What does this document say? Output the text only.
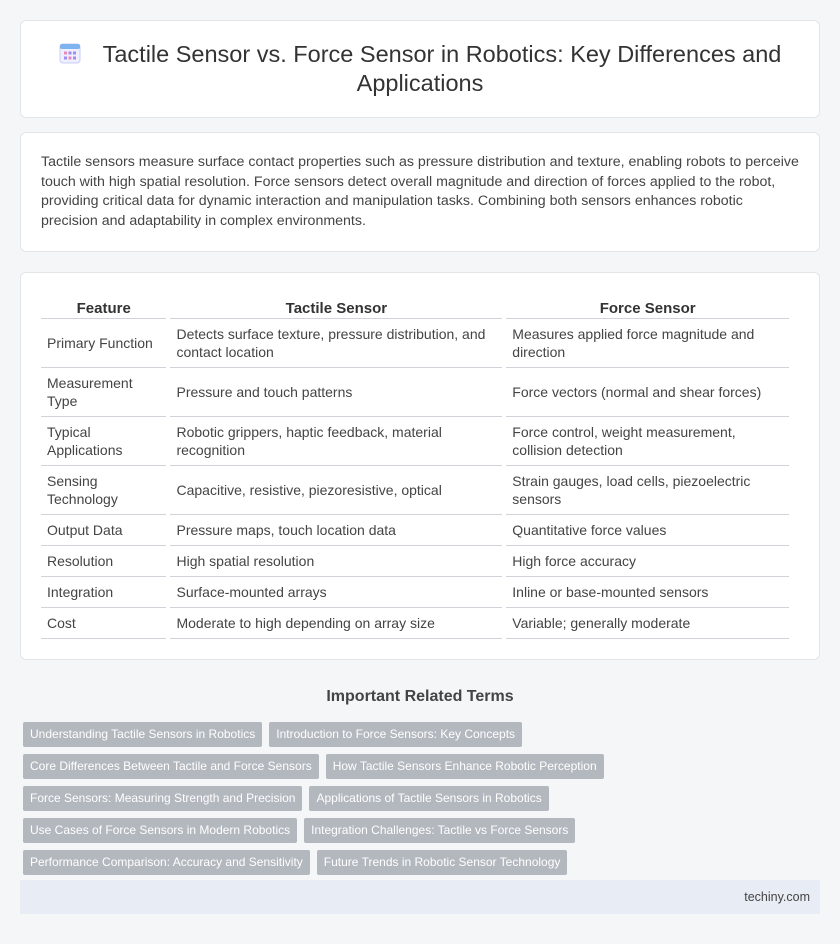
Tactile Sensor vs. Force Sensor in Robotics: Key Differences and Applications

Tactile sensors measure surface contact properties such as pressure distribution and texture, enabling robots to perceive touch with high spatial resolution. Force sensors detect overall magnitude and direction of forces applied to the robot, providing critical data for dynamic interaction and manipulation tasks. Combining both sensors enhances robotic precision and adaptability in complex environments.

Feature	Tactile Sensor	Force Sensor
Primary Function	Detects surface texture, pressure distribution, and contact location	Measures applied force magnitude and direction
Measurement Type	Pressure and touch patterns	Force vectors (normal and shear forces)
Typical Applications	Robotic grippers, haptic feedback, material recognition	Force control, weight measurement, collision detection
Sensing Technology	Capacitive, resistive, piezoresistive, optical	Strain gauges, load cells, piezoelectric sensors
Output Data	Pressure maps, touch location data	Quantitative force values
Resolution	High spatial resolution	High force accuracy
Integration	Surface-mounted arrays	Inline or base-mounted sensors
Cost	Moderate to high depending on array size	Variable; generally moderate
Important Related Terms
Understanding Tactile Sensors in Robotics	Introduction to Force Sensors: Key Concepts
Core Differences Between Tactile and Force Sensors	How Tactile Sensors Enhance Robotic Perception
Force Sensors: Measuring Strength and Precision	Applications of Tactile Sensors in Robotics
Use Cases of Force Sensors in Modern Robotics	Integration Challenges: Tactile vs Force Sensors
Performance Comparison: Accuracy and Sensitivity	Future Trends in Robotic Sensor Technology
techiny.com
